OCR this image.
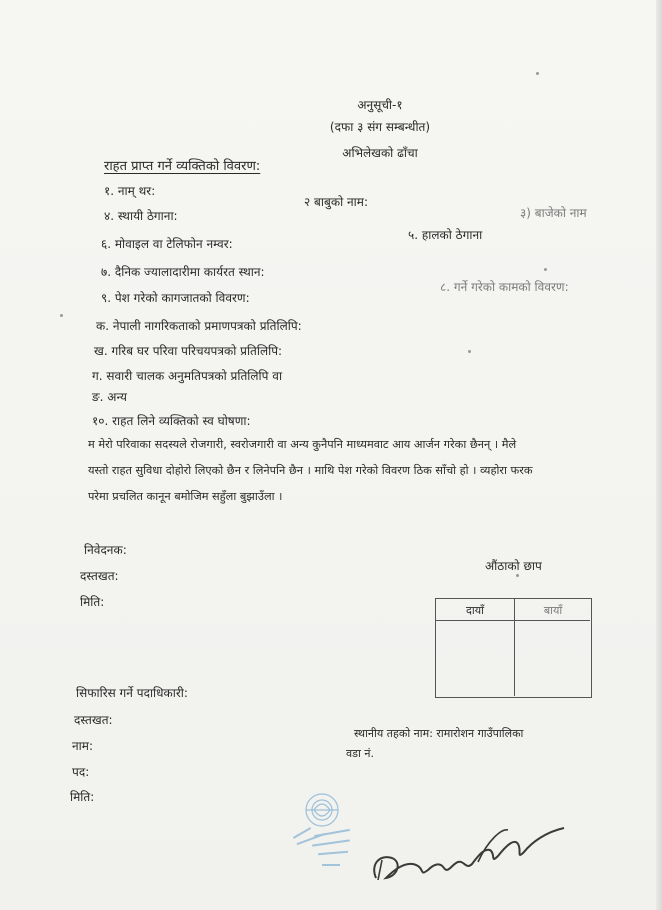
अनुसूची-१
(दफा ३ संग सम्बन्धीत)
अभिलेखको ढाँचा
राहत प्राप्त गर्ने व्यक्तिको विवरण:
१. नाम् थर:
२ बाबुको नाम:
३) बाजेको नाम
४. स्थायी ठेगाना:
५. हालको ठेगाना
६. मोवाइल वा टेलिफोन नम्वर:
७. दैनिक ज्यालादारीमा कार्यरत स्थान:
८. गर्ने गरेको कामको विवरण:
९. पेश गरेको कागजातको विवरण:
क. नेपाली नागरिकताको प्रमाणपत्रको प्रतिलिपि:
ख. गरिब घर परिवा परिचयपत्रको प्रतिलिपि:
ग. सवारी चालक अनुमतिपत्रको प्रतिलिपि वा
ङ. अन्य
१०. राहत लिने व्यक्तिको स्व घोषणा:
म मेरो परिवाका सदस्यले रोजगारी, स्वरोजगारी वा अन्य कुनैपनि माध्यमवाट आय आर्जन गरेका छैनन् । मैले
यस्तो राहत सुविधा दोहोरो लिएको छैन र लिनेपनि छैन । माथि पेश गरेको विवरण ठिक साँचो हो । व्यहोरा फरक
परेमा प्रचलित कानून बमोजिम सहुँला बुझाउँला ।
निवेदनक:
दस्तखत:
मिति:
औंठाको छाप
दायाँ	बायाँ
सिफारिस गर्ने पदाधिकारी:
दस्तखत:
नाम:
पद:
मिति:
स्थानीय तहको नाम: रामारोशन गाउँपालिका
वडा नं.
